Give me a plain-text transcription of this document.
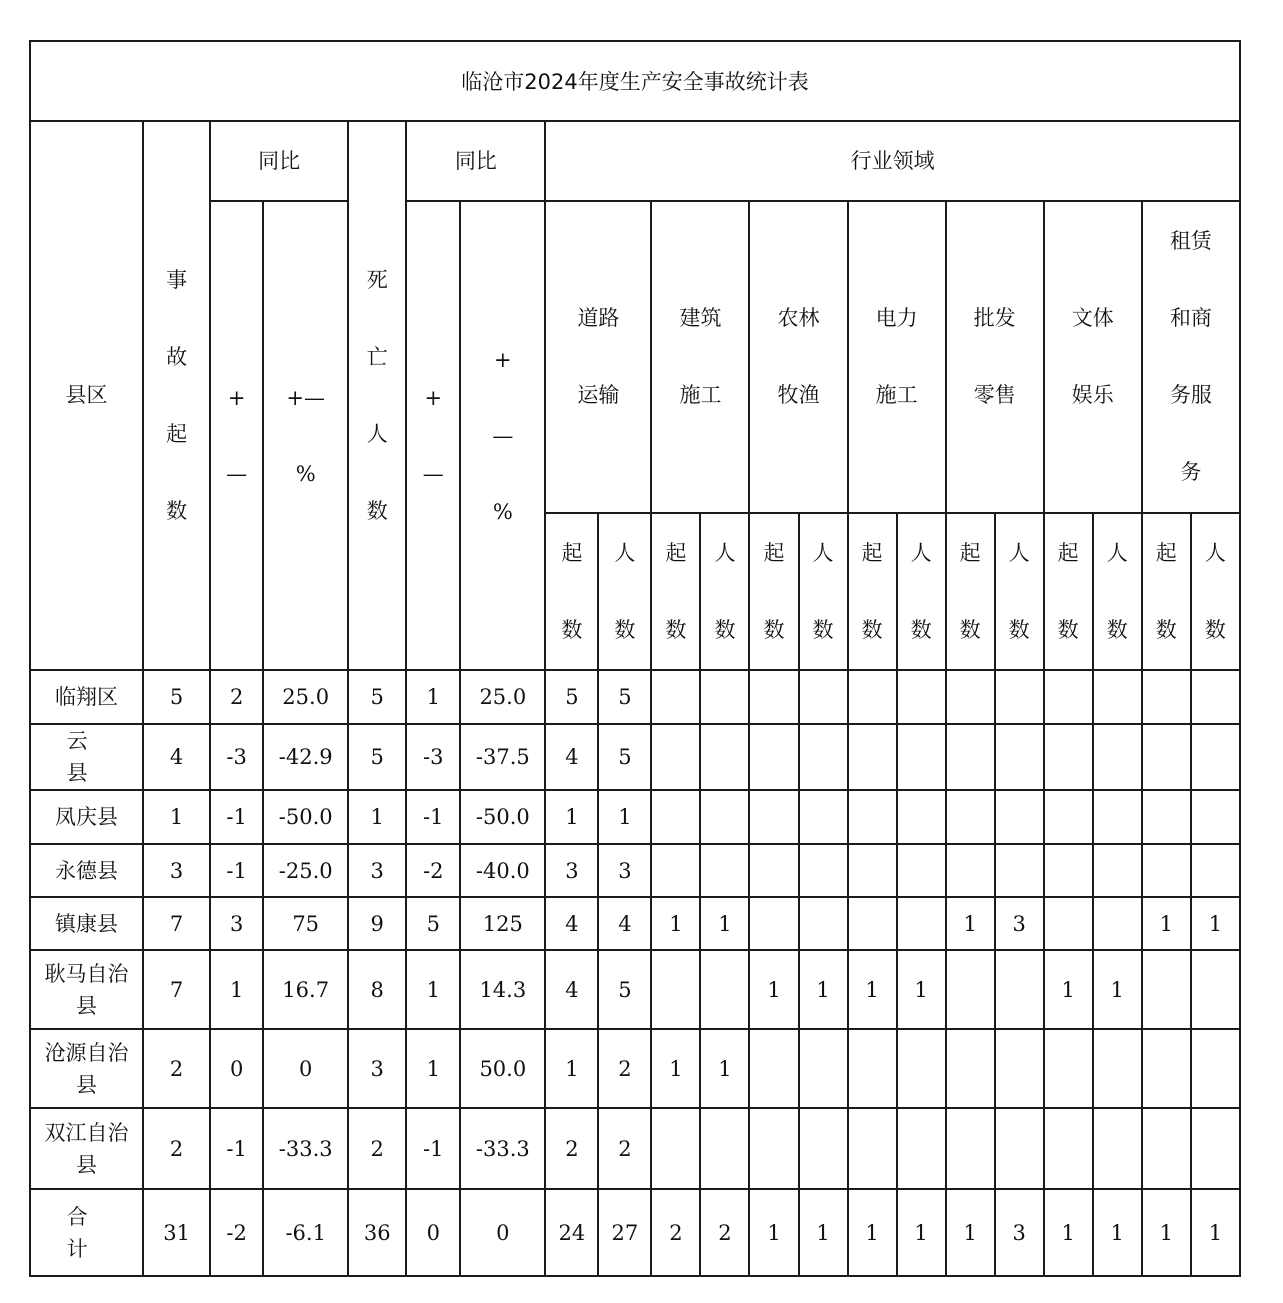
临沧市2024年度生产安全事故统计表																				
县区	事故起数	同比		死亡人数	同比		行业领域													
		+—	+—%		+—	+—%	道路运输		建筑施工		农林牧渔		电力施工		批发零售		文体娱乐		租赁和商务服务	
							起数	人数	起数	人数	起数	人数	起数	人数	起数	人数	起数	人数	起数	人数
临翔区	5	2	25.0	5	1	25.0	5	5												
云　县	4	-3	-42.9	5	-3	-37.5	4	5												
凤庆县	1	-1	-50.0	1	-1	-50.0	1	1												
永德县	3	-1	-25.0	3	-2	-40.0	3	3												
镇康县	7	3	75	9	5	125	4	4	1	1					1	3			1	1
耿马自治县	7	1	16.7	8	1	14.3	4	5			1	1	1	1			1	1		
沧源自治县	2	0	0	3	1	50.0	1	2	1	1										
双江自治县	2	-1	-33.3	2	-1	-33.3	2	2												
合　计	31	-2	-6.1	36	0	0	24	27	2	2	1	1	1	1	1	3	1	1	1	1
